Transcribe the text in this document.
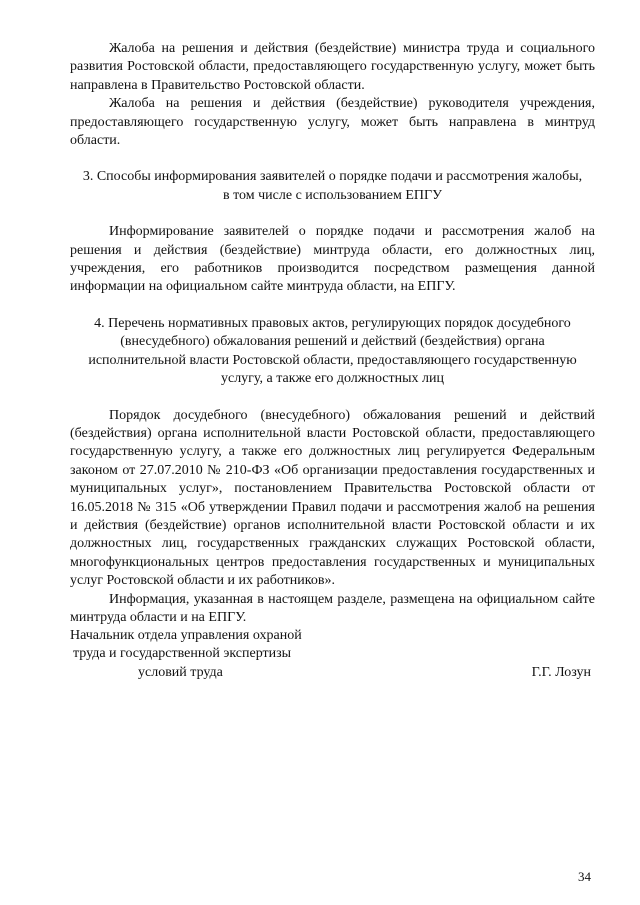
Жалоба на решения и действия (бездействие) министра труда и социального развития Ростовской области, предоставляющего государственную услугу, может быть направлена в Правительство Ростовской области.

Жалоба на решения и действия (бездействие) руководителя учреждения, предоставляющего государственную услугу, может быть направлена в минтруд области.

3. Способы информирования заявителей о порядке подачи и рассмотрения жалобы, в том числе с использованием ЕПГУ

Информирование заявителей о порядке подачи и рассмотрения жалоб на решения и действия (бездействие) минтруда области, его должностных лиц, учреждения, его работников производится посредством размещения данной информации на официальном сайте минтруда области, на ЕПГУ.

4. Перечень нормативных правовых актов, регулирующих порядок досудебного (внесудебного) обжалования решений и действий (бездействия) органа исполнительной власти Ростовской области, предоставляющего государственную услугу, а также его должностных лиц

Порядок досудебного (внесудебного) обжалования решений и действий (бездействия) органа исполнительной власти Ростовской области, предоставляющего государственную услугу, а также его должностных лиц регулируется Федеральным законом от 27.07.2010 № 210-ФЗ «Об организации предоставления государственных и муниципальных услуг», постановлением Правительства Ростовской области от 16.05.2018 № 315 «Об утверждении Правил подачи и рассмотрения жалоб на решения и действия (бездействие) органов исполнительной власти Ростовской области и их должностных лиц, государственных гражданских служащих Ростовской области, многофункциональных центров предоставления государственных и муниципальных услуг Ростовской области и их работников».

Информация, указанная в настоящем разделе, размещена на официальном сайте минтруда области и на ЕПГУ.

Начальник отдела управления охраной
труда и государственной экспертизы
условий труда	Г.Г. Лозун
34
